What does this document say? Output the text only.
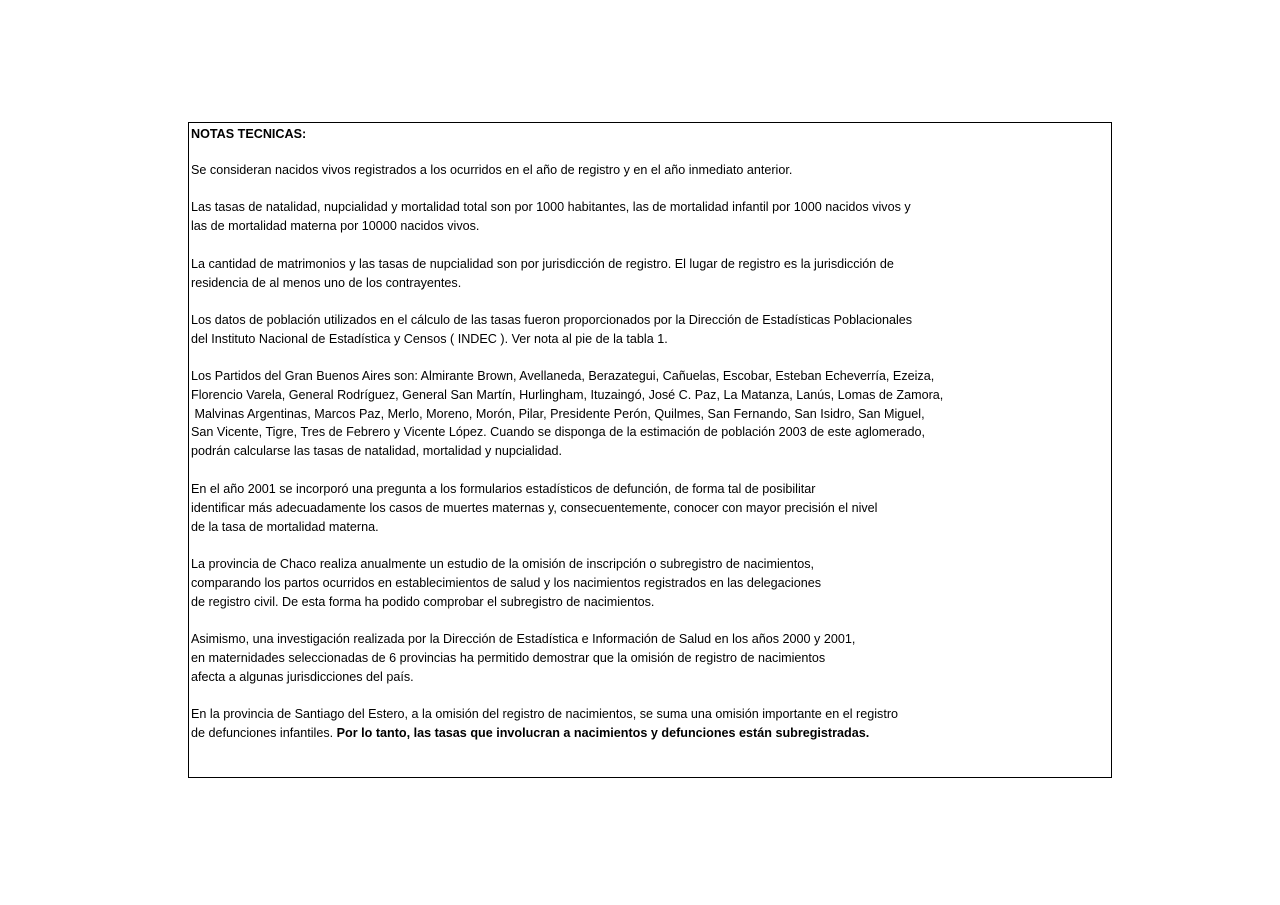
NOTAS TECNICAS:

Se consideran nacidos vivos registrados a los ocurridos en el año de registro y en el año inmediato anterior.

Las tasas de natalidad, nupcialidad y mortalidad total son por 1000 habitantes, las de mortalidad infantil por 1000 nacidos vivos y
las de mortalidad materna por 10000 nacidos vivos.

La cantidad de matrimonios y las tasas de nupcialidad son por jurisdicción de registro. El lugar de registro es la jurisdicción de
residencia de al menos uno de los contrayentes.

Los datos de población utilizados en el cálculo de las tasas fueron proporcionados por la Dirección de Estadísticas Poblacionales
del Instituto Nacional de Estadística y Censos ( INDEC ). Ver nota al pie de la tabla 1.

Los Partidos del Gran Buenos Aires son: Almirante Brown, Avellaneda, Berazategui, Cañuelas, Escobar, Esteban Echeverría, Ezeiza,
Florencio Varela, General Rodríguez, General San Martín, Hurlingham, Ituzaingó, José C. Paz, La Matanza, Lanús, Lomas de Zamora,
Malvinas Argentinas, Marcos Paz, Merlo, Moreno, Morón, Pilar, Presidente Perón, Quilmes, San Fernando, San Isidro, San Miguel,
San Vicente, Tigre, Tres de Febrero y Vicente López. Cuando se disponga de la estimación de población 2003 de este aglomerado,
podrán calcularse las tasas de natalidad, mortalidad y nupcialidad.

En el año 2001 se incorporó una pregunta a los formularios estadísticos de defunción, de forma tal de posibilitar
identificar más adecuadamente los casos de muertes maternas y, consecuentemente, conocer con mayor precisión el nivel
de la tasa de mortalidad materna.

La provincia de Chaco realiza anualmente un estudio de la omisión de inscripción o subregistro de nacimientos,
comparando los partos ocurridos en establecimientos de salud y los nacimientos registrados en las delegaciones
de registro civil. De esta forma ha podido comprobar el subregistro de nacimientos.

Asimismo, una investigación realizada por la Dirección de Estadística e Información de Salud en los años 2000 y 2001,
en maternidades seleccionadas de 6 provincias ha permitido demostrar que la omisión de registro de nacimientos
afecta a algunas jurisdicciones del país.

En la provincia de Santiago del Estero, a la omisión del registro de nacimientos, se suma una omisión importante en el registro
de defunciones infantiles. Por lo tanto, las tasas que involucran a nacimientos y defunciones están subregistradas.
